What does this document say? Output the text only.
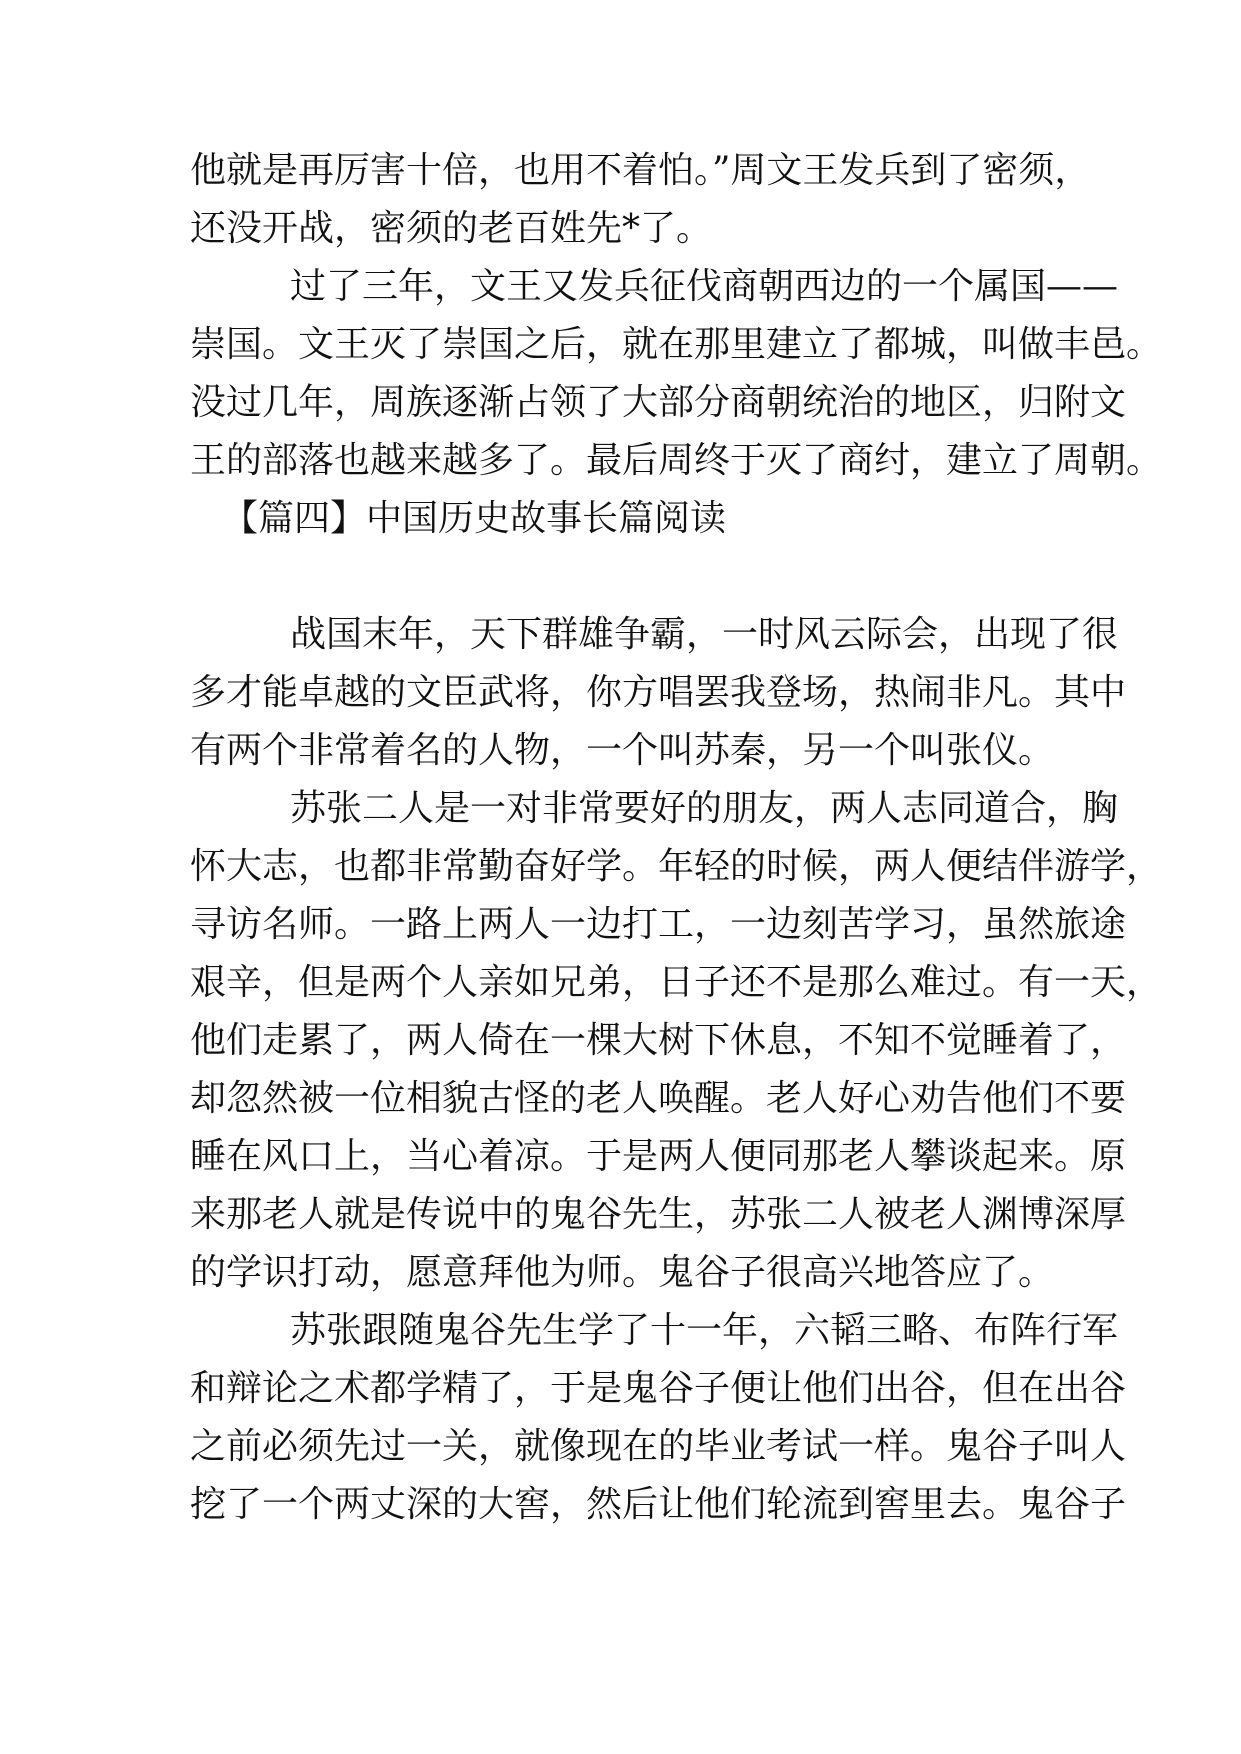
他就是再厉害十倍，也用不着怕。”周文王发兵到了密须，
还没开战，密须的老百姓先*了。
过了三年，文王又发兵征伐商朝西边的一个属国——
崇国。文王灭了崇国之后，就在那里建立了都城，叫做丰邑。
没过几年，周族逐渐占领了大部分商朝统治的地区，归附文
王的部落也越来越多了。最后周终于灭了商纣，建立了周朝。
【篇四】中国历史故事长篇阅读
战国末年，天下群雄争霸，一时风云际会，出现了很
多才能卓越的文臣武将，你方唱罢我登场，热闹非凡。其中
有两个非常着名的人物，一个叫苏秦，另一个叫张仪。
苏张二人是一对非常要好的朋友，两人志同道合，胸
怀大志，也都非常勤奋好学。年轻的时候，两人便结伴游学，
寻访名师。一路上两人一边打工，一边刻苦学习，虽然旅途
艰辛，但是两个人亲如兄弟，日子还不是那么难过。有一天，
他们走累了，两人倚在一棵大树下休息，不知不觉睡着了，
却忽然被一位相貌古怪的老人唤醒。老人好心劝告他们不要
睡在风口上，当心着凉。于是两人便同那老人攀谈起来。原
来那老人就是传说中的鬼谷先生，苏张二人被老人渊博深厚
的学识打动，愿意拜他为师。鬼谷子很高兴地答应了。
苏张跟随鬼谷先生学了十一年，六韬三略、布阵行军
和辩论之术都学精了，于是鬼谷子便让他们出谷，但在出谷
之前必须先过一关，就像现在的毕业考试一样。鬼谷子叫人
挖了一个两丈深的大窖，然后让他们轮流到窖里去。鬼谷子
